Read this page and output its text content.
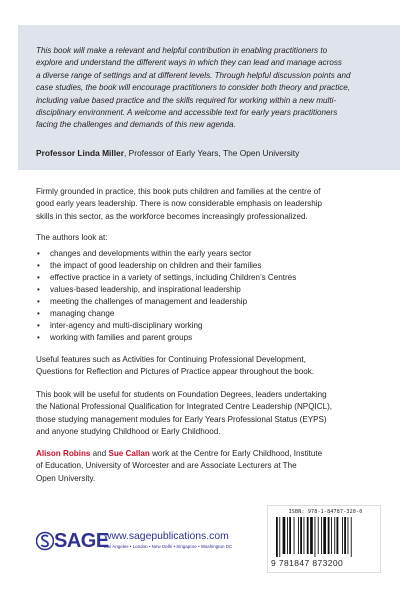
This book will make a relevant and helpful contribution in enabling practitioners to
explore and understand the different ways in which they can lead and manage across
a diverse range of settings and at different levels. Through helpful discussion points and
case studies, the book will encourage practitioners to consider both theory and practice,
including value based practice and the skills required for working within a new multi-
disciplinary environment. A welcome and accessible text for early years practitioners
facing the challenges and demands of this new agenda.

Professor Linda Miller, Professor of Early Years, The Open University

Firmly grounded in practice, this book puts children and families at the centre of
good early years leadership. There is now considerable emphasis on leadership
skills in this sector, as the workforce becomes increasingly professionalized.

The authors look at:

• changes and developments within the early years sector
• the impact of good leadership on children and their families
• effective practice in a variety of settings, including Children’s Centres
• values-based leadership, and inspirational leadership
• meeting the challenges of management and leadership
• managing change
• inter-agency and multi-disciplinary working
• working with families and parent groups

Useful features such as Activities for Continuing Professional Development,
Questions for Reflection and Pictures of Practice appear throughout the book.

This book will be useful for students on Foundation Degrees, leaders undertaking
the National Professional Qualification for Integrated Centre Leadership (NPQICL),
those studying management modules for Early Years Professional Status (EYPS)
and anyone studying Childhood or Early Childhood.

Alison Robins and Sue Callan work at the Centre for Early Childhood, Institute
of Education, University of Worcester and are Associate Lecturers at The
Open University.

SAGE
www.sagepublications.com
Los Angeles • London • New Delhi • Singapore • Washington DC
ISBN: 978-1-84787-320-0
9 781847 873200
